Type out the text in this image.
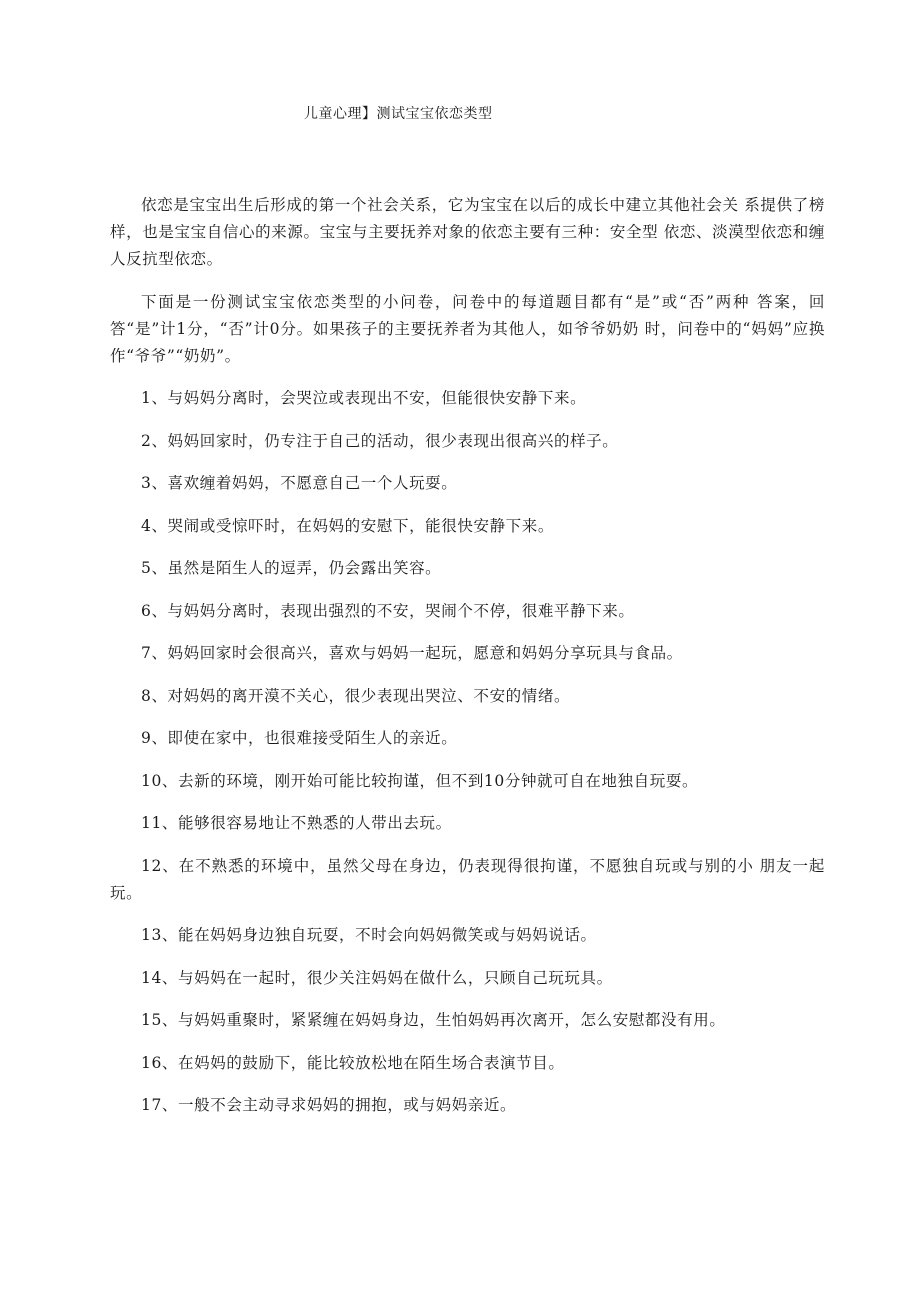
儿童心理】测试宝宝依恋类型

依恋是宝宝出生后形成的第一个社会关系，它为宝宝在以后的成长中建立其他社会关 系提供了榜样，也是宝宝自信心的来源。宝宝与主要抚养对象的依恋主要有三种：安全型 依恋、淡漠型依恋和缠人反抗型依恋。

下面是一份测试宝宝依恋类型的小问卷，问卷中的每道题目都有“是”或“否”两种 答案，回答“是”计1分，“否”计0分。如果孩子的主要抚养者为其他人，如爷爷奶奶 时，问卷中的“妈妈”应换作“爷爷”“奶奶”。

1、与妈妈分离时，会哭泣或表现出不安，但能很快安静下来。
2、妈妈回家时，仍专注于自己的活动，很少表现出很高兴的样子。
3、喜欢缠着妈妈，不愿意自己一个人玩耍。
4、哭闹或受惊吓时，在妈妈的安慰下，能很快安静下来。
5、虽然是陌生人的逗弄，仍会露出笑容。
6、与妈妈分离时，表现出强烈的不安，哭闹个不停，很难平静下来。
7、妈妈回家时会很高兴，喜欢与妈妈一起玩，愿意和妈妈分享玩具与食品。
8、对妈妈的离开漠不关心，很少表现出哭泣、不安的情绪。
9、即使在家中，也很难接受陌生人的亲近。
10、去新的环境，刚开始可能比较拘谨，但不到10分钟就可自在地独自玩耍。
11、能够很容易地让不熟悉的人带出去玩。
12、在不熟悉的环境中，虽然父母在身边，仍表现得很拘谨，不愿独自玩或与别的小 朋友一起玩。
13、能在妈妈身边独自玩耍，不时会向妈妈微笑或与妈妈说话。
14、与妈妈在一起时，很少关注妈妈在做什么，只顾自己玩玩具。
15、与妈妈重聚时，紧紧缠在妈妈身边，生怕妈妈再次离开，怎么安慰都没有用。
16、在妈妈的鼓励下，能比较放松地在陌生场合表演节目。
17、一般不会主动寻求妈妈的拥抱，或与妈妈亲近。
